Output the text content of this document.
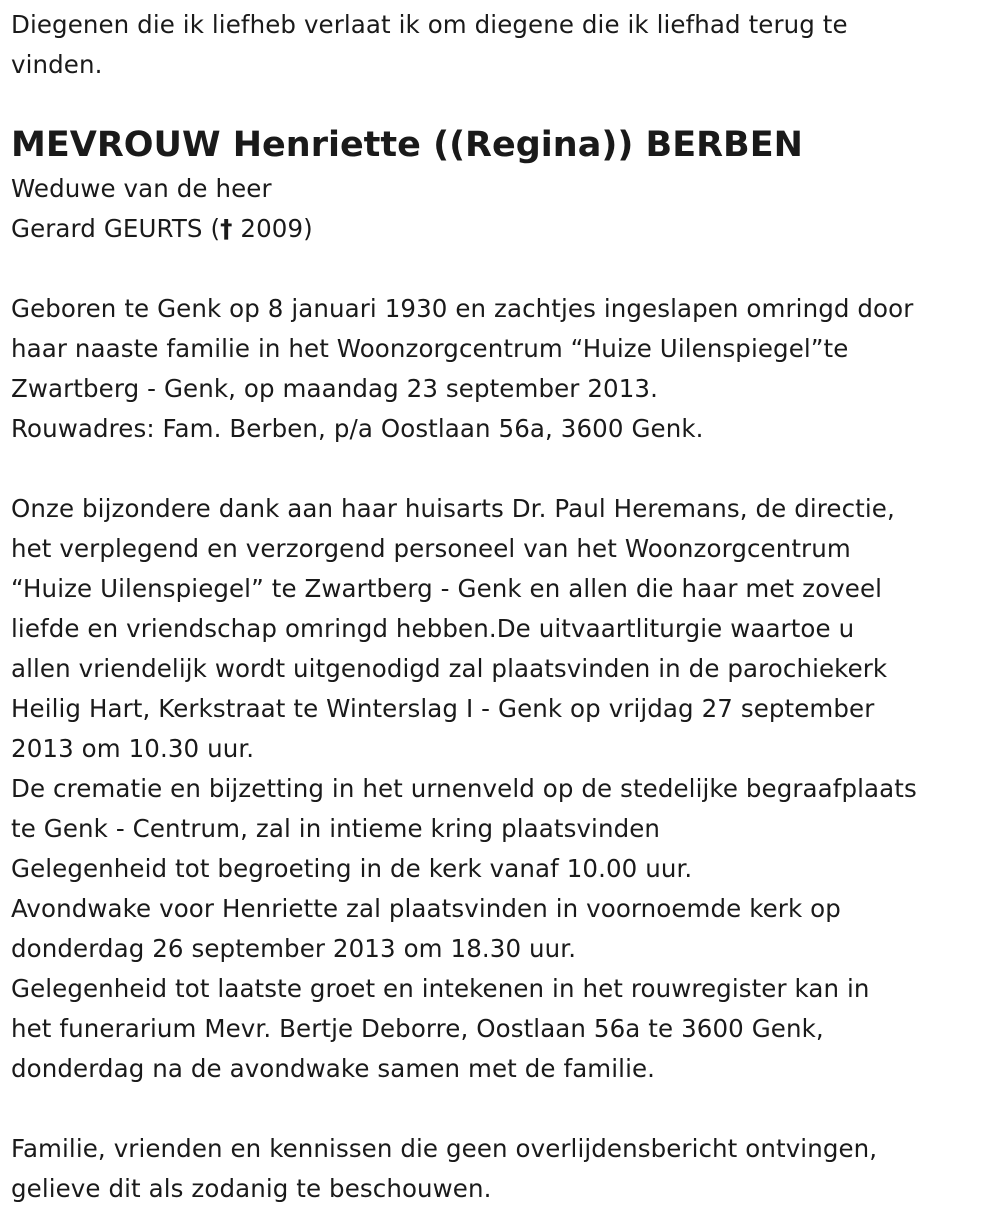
Diegenen die ik liefheb verlaat ik om diegene die ik liefhad terug te
vinden.
MEVROUW Henriette ((Regina)) BERBEN
Weduwe van de heer
Gerard GEURTS († 2009)
Geboren te Genk op 8 januari 1930 en zachtjes ingeslapen omringd door
haar naaste familie in het Woonzorgcentrum “Huize Uilenspiegel”te
Zwartberg - Genk, op maandag 23 september 2013.
Rouwadres: Fam. Berben, p/a Oostlaan 56a, 3600 Genk.
Onze bijzondere dank aan haar huisarts Dr. Paul Heremans, de directie,
het verplegend en verzorgend personeel van het Woonzorgcentrum
“Huize Uilenspiegel” te Zwartberg - Genk en allen die haar met zoveel
liefde en vriendschap omringd hebben.De uitvaartliturgie waartoe u
allen vriendelijk wordt uitgenodigd zal plaatsvinden in de parochiekerk
Heilig Hart, Kerkstraat te Winterslag I - Genk op vrijdag 27 september
2013 om 10.30 uur.
De crematie en bijzetting in het urnenveld op de stedelijke begraafplaats
te Genk - Centrum, zal in intieme kring plaatsvinden
Gelegenheid tot begroeting in de kerk vanaf 10.00 uur.
Avondwake voor Henriette zal plaatsvinden in voornoemde kerk op
donderdag 26 september 2013 om 18.30 uur.
Gelegenheid tot laatste groet en intekenen in het rouwregister kan in
het funerarium Mevr. Bertje Deborre, Oostlaan 56a te 3600 Genk,
donderdag na de avondwake samen met de familie.
Familie, vrienden en kennissen die geen overlijdensbericht ontvingen,
gelieve dit als zodanig te beschouwen.
